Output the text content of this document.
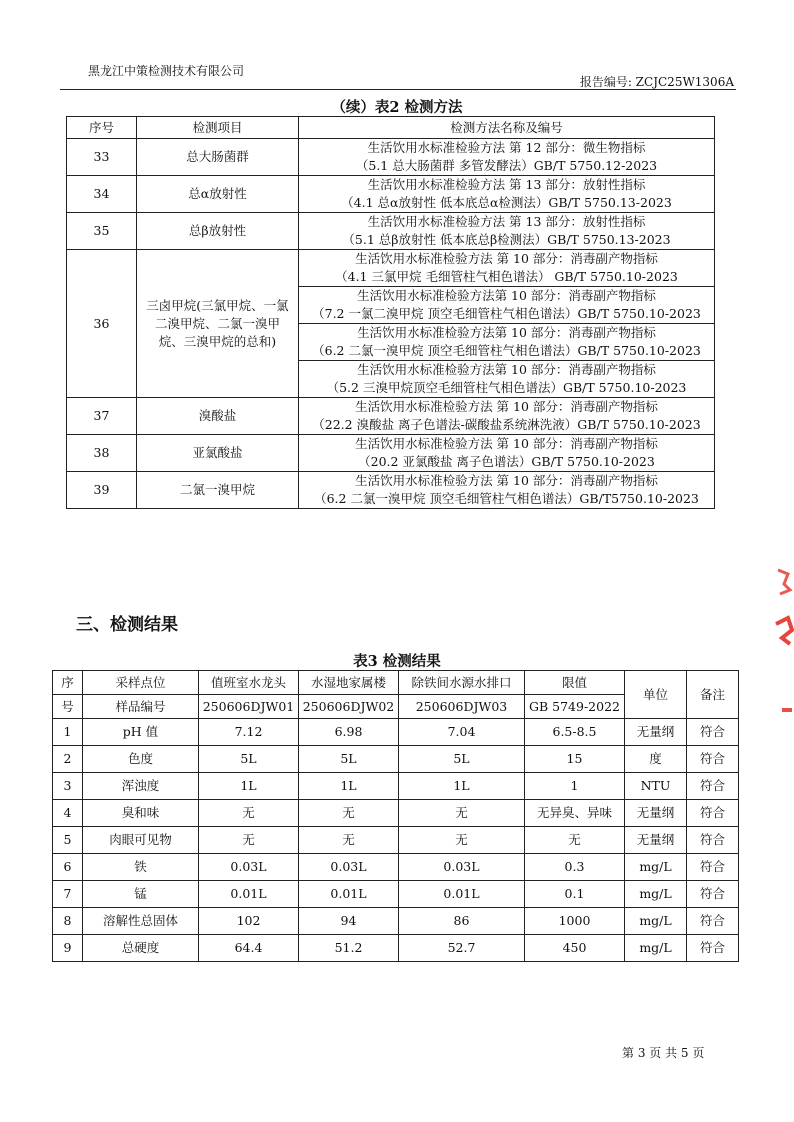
黑龙江中策检测技术有限公司
报告编号: ZCJC25W1306A
（续）表2 检测方法
序号	检测项目	检测方法名称及编号
33	总大肠菌群	生活饮用水标准检验方法 第 12 部分：微生物指标
（5.1 总大肠菌群 多管发酵法）GB/T 5750.12-2023

34	总α放射性	生活饮用水标准检验方法 第 13 部分：放射性指标
（4.1 总α放射性 低本底总α检测法）GB/T 5750.13-2023

35	总β放射性	生活饮用水标准检验方法 第 13 部分：放射性指标
（5.1 总β放射性 低本底总β检测法）GB/T 5750.13-2023

36	三卤甲烷(三氯甲烷、一氯二溴甲烷、二氯一溴甲烷、三溴甲烷的总和)	生活饮用水标准检验方法 第 10 部分：消毒副产物指标
（4.1 三氯甲烷 毛细管柱气相色谱法） GB/T 5750.10-2023

		生活饮用水标准检验方法第 10 部分：消毒副产物指标
（7.2 一氯二溴甲烷 顶空毛细管柱气相色谱法）GB/T 5750.10-2023

		生活饮用水标准检验方法第 10 部分：消毒副产物指标
（6.2 二氯一溴甲烷 顶空毛细管柱气相色谱法）GB/T 5750.10-2023

		生活饮用水标准检验方法第 10 部分：消毒副产物指标
（5.2 三溴甲烷顶空毛细管柱气相色谱法）GB/T 5750.10-2023

37	溴酸盐	生活饮用水标准检验方法 第 10 部分：消毒副产物指标
（22.2 溴酸盐 离子色谱法-碳酸盐系统淋洗液）GB/T 5750.10-2023

38	亚氯酸盐	生活饮用水标准检验方法 第 10 部分：消毒副产物指标
（20.2 亚氯酸盐 离子色谱法）GB/T 5750.10-2023

39	二氯一溴甲烷	生活饮用水标准检验方法 第 10 部分：消毒副产物指标
（6.2 二氯一溴甲烷 顶空毛细管柱气相色谱法）GB/T5750.10-2023
三、检测结果
表3 检测结果
序	采样点位	值班室水龙头	水湿地家属楼	除铁间水源水排口	限值	单位	备注
号	样品编号	250606DJW01	250606DJW02	250606DJW03	GB 5749-2022		
1	pH 值	7.12	6.98	7.04	6.5-8.5	无量纲	符合
2	色度	5L	5L	5L	15	度	符合
3	浑浊度	1L	1L	1L	1	NTU	符合
4	臭和味	无	无	无	无异臭、异味	无量纲	符合
5	肉眼可见物	无	无	无	无	无量纲	符合
6	铁	0.03L	0.03L	0.03L	0.3	mg/L	符合
7	锰	0.01L	0.01L	0.01L	0.1	mg/L	符合
8	溶解性总固体	102	94	86	1000	mg/L	符合
9	总硬度	64.4	51.2	52.7	450	mg/L	符合
第 3 页 共 5 页
